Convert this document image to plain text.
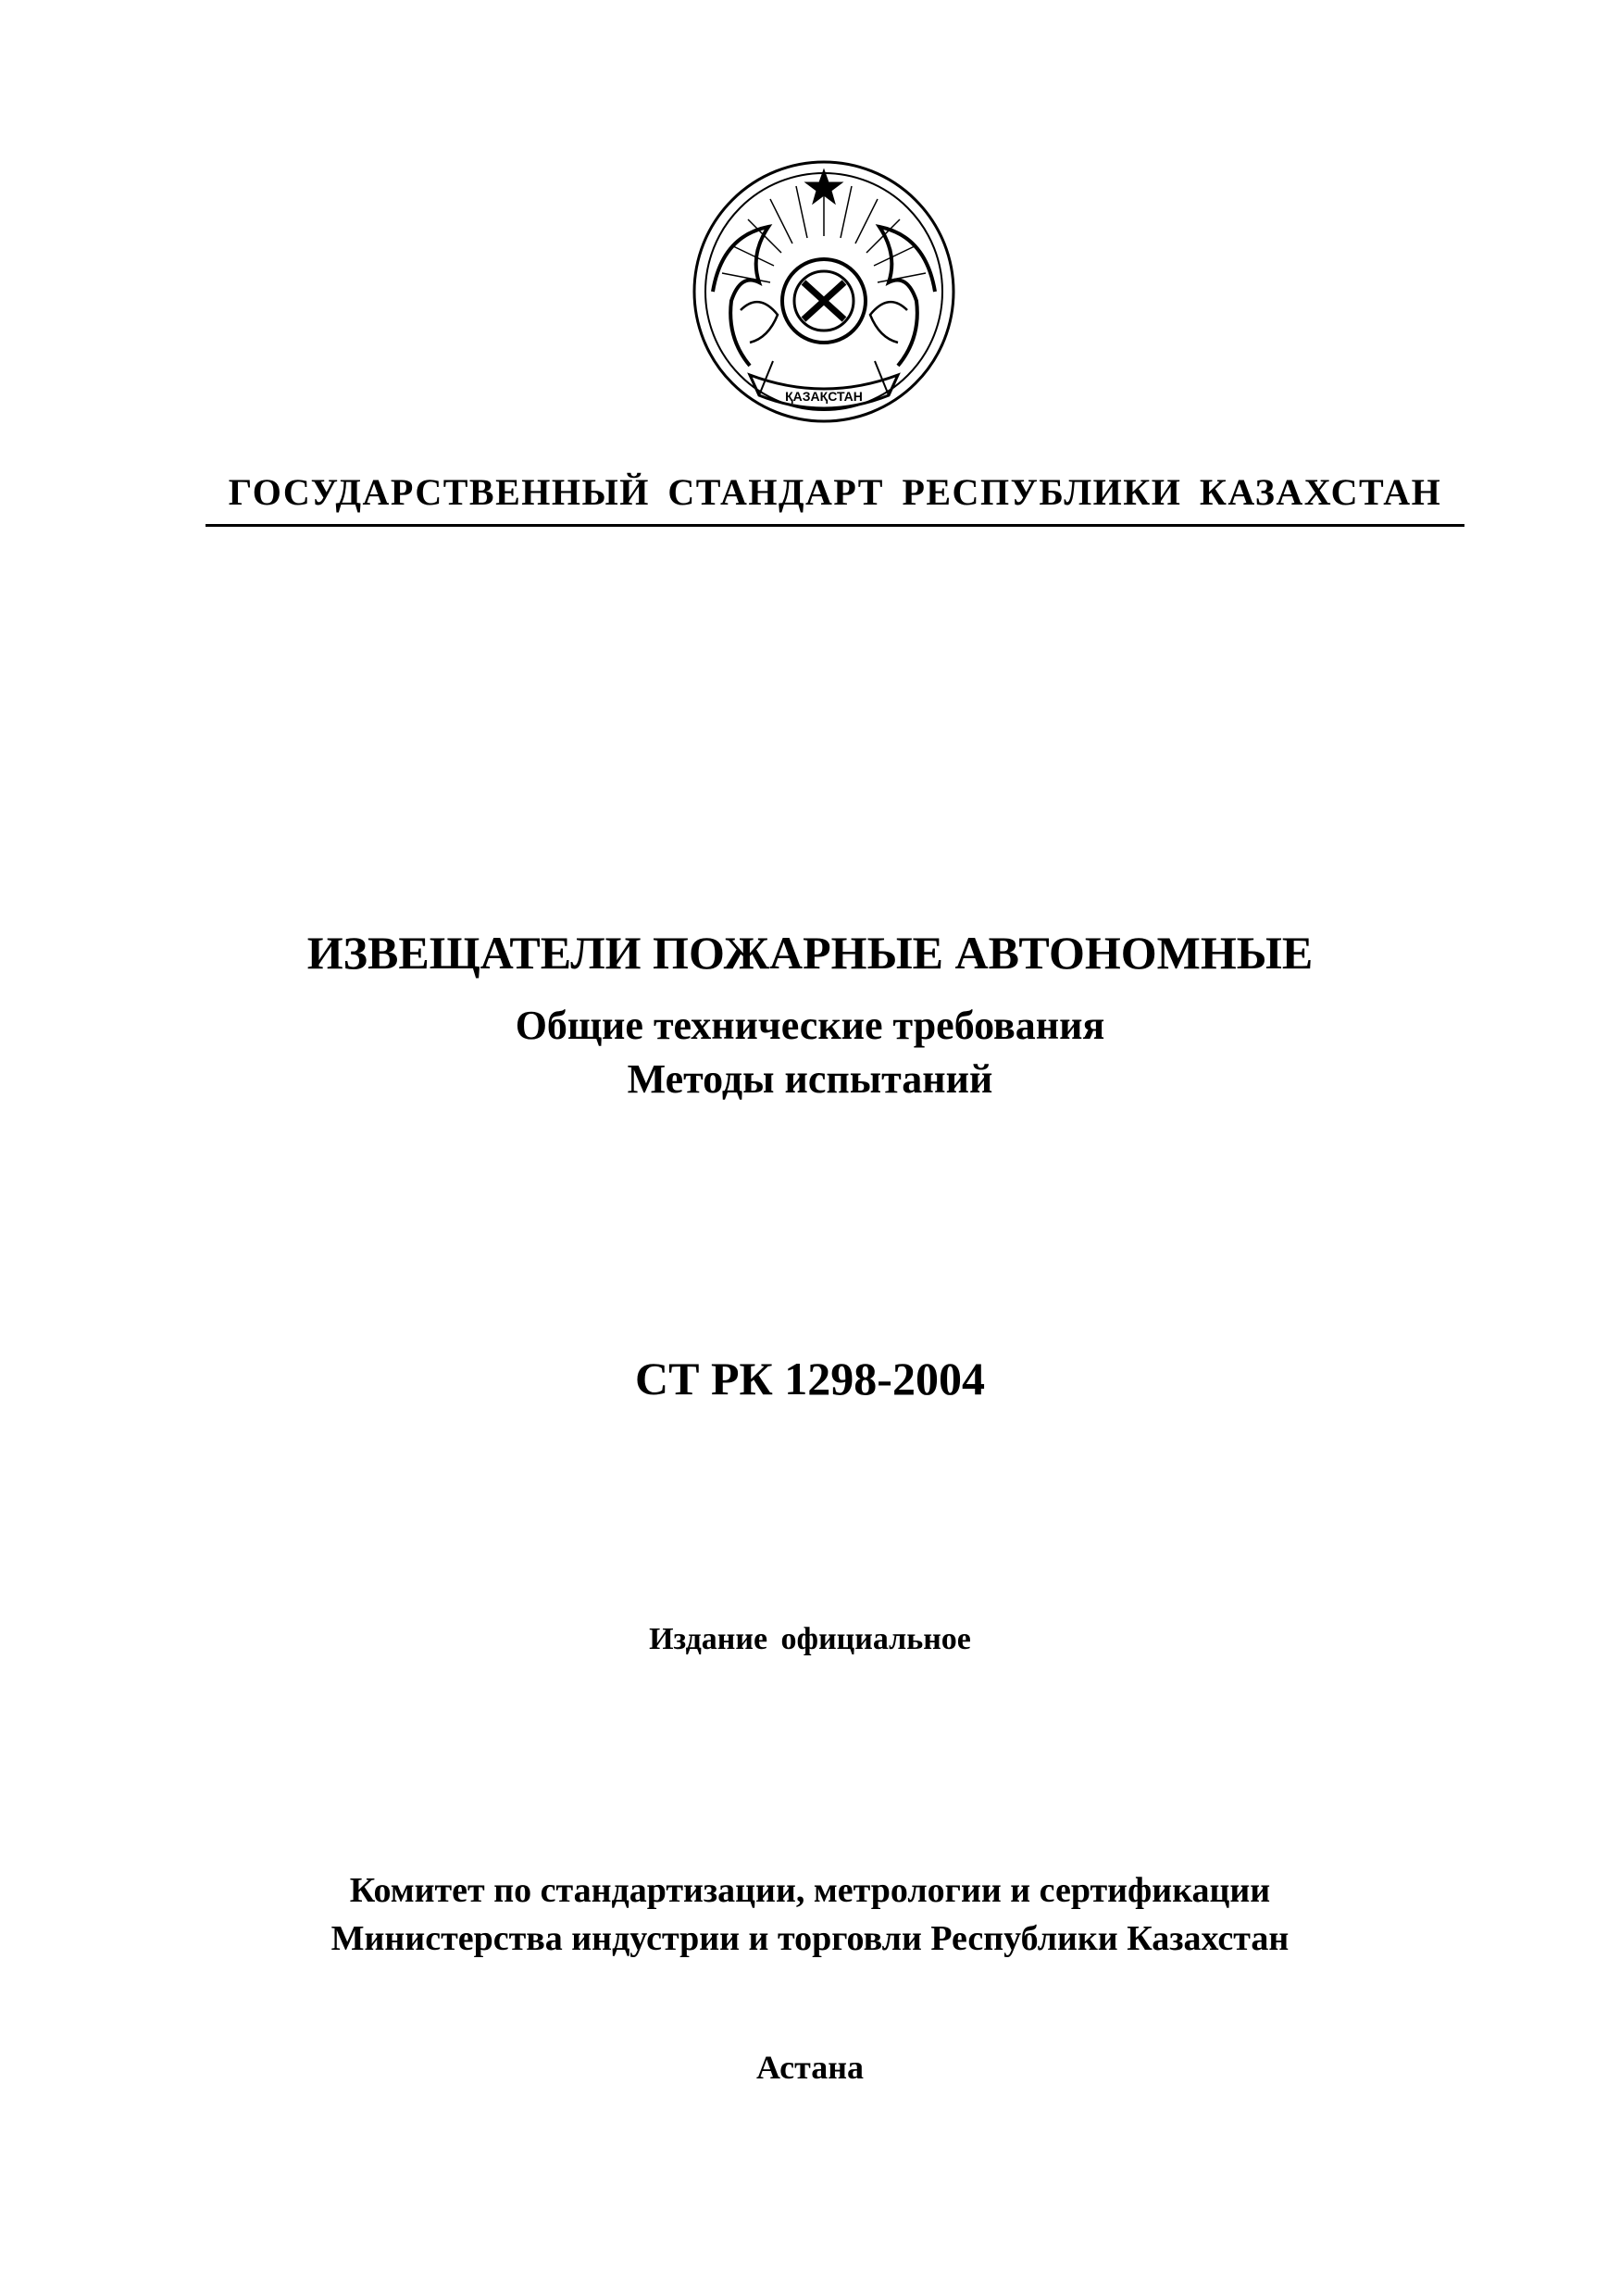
ҚАЗАҚСТАН
ГОСУДАРСТВЕННЫЙ СТАНДАРТ РЕСПУБЛИКИ КАЗАХСТАН
ИЗВЕЩАТЕЛИ ПОЖАРНЫЕ АВТОНОМНЫЕ
Общие технические требования
Методы испытаний
СТ РК 1298-2004
Издание официальное
Комитет по стандартизации, метрологии и сертификации
Министерства индустрии и торговли Республики Казахстан
Астана
